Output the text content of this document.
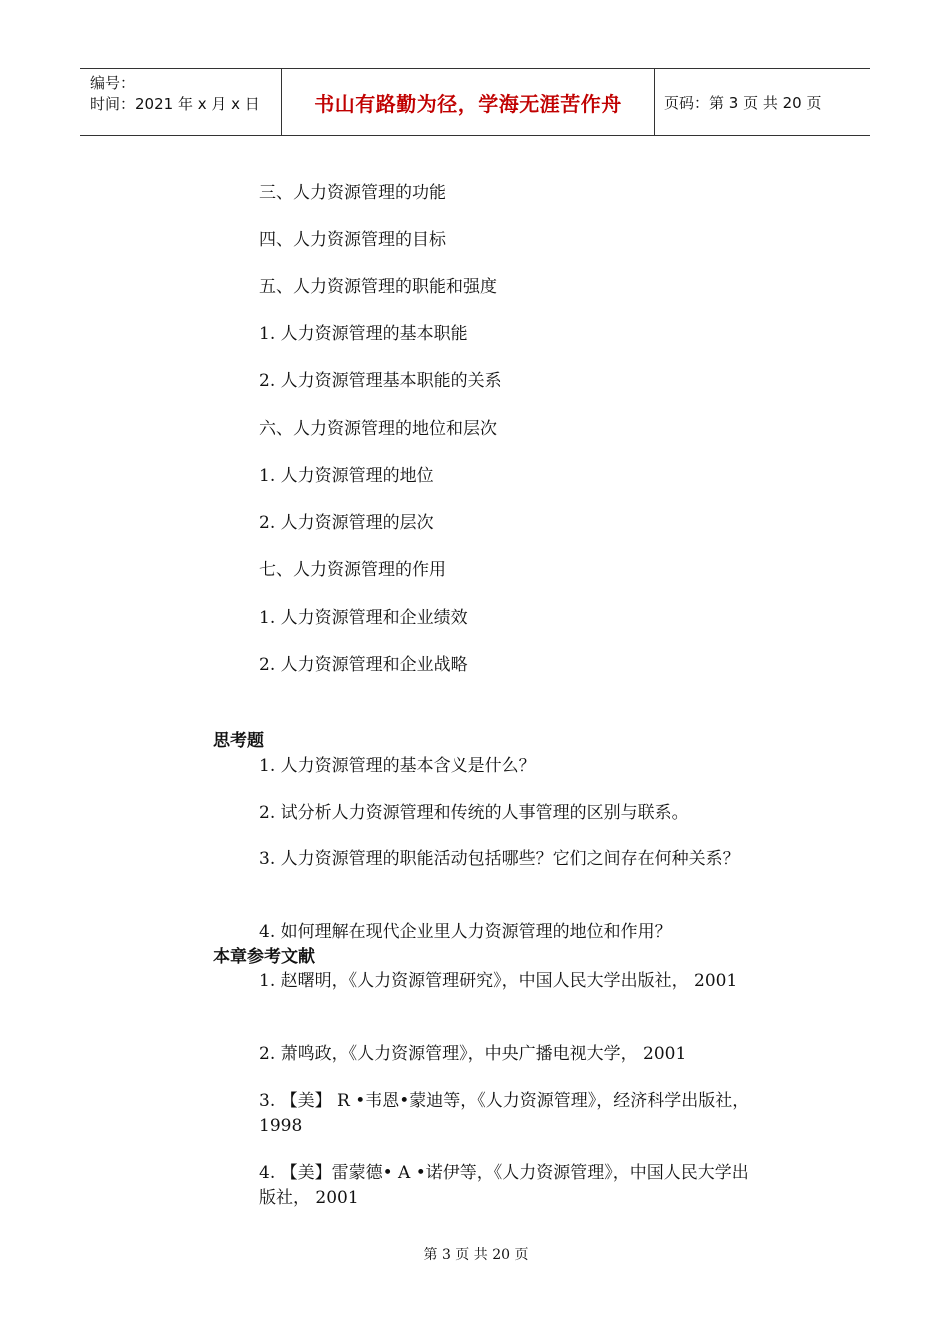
编号：
时间：2021 年 x 月 x 日	书山有路勤为径，学海无涯苦作舟	页码：第 3 页 共 20 页
三、人力资源管理的功能
四、人力资源管理的目标
五、人力资源管理的职能和强度
1. 人力资源管理的基本职能
2. 人力资源管理基本职能的关系
六、人力资源管理的地位和层次
1. 人力资源管理的地位
2. 人力资源管理的层次
七、人力资源管理的作用
1. 人力资源管理和企业绩效
2. 人力资源管理和企业战略
思考题
1. 人力资源管理的基本含义是什么？
2. 试分析人力资源管理和传统的人事管理的区别与联系。
3. 人力资源管理的职能活动包括哪些？它们之间存在何种关系？
4. 如何理解在现代企业里人力资源管理的地位和作用？
本章参考文献
1. 赵曙明，《人力资源管理研究》，中国人民大学出版社， 2001
2. 萧鸣政，《人力资源管理》，中央广播电视大学， 2001
3. 【美】 R •韦恩•蒙迪等，《人力资源管理》，经济科学出版社， 1998
4. 【美】雷蒙德• A •诺伊等，《人力资源管理》，中国人民大学出版社， 2001
第 3 页 共 20 页
